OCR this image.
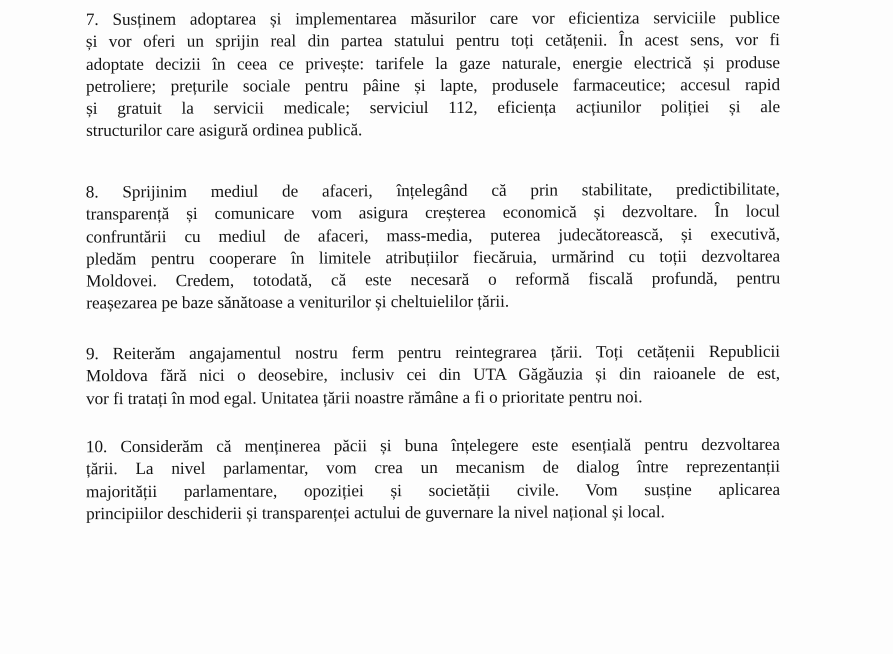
7. Susținem adoptarea și implementarea măsurilor care vor eficientiza serviciile publice
și vor oferi un sprijin real din partea statului pentru toți cetățenii. În acest sens, vor fi
adoptate decizii în ceea ce privește: tarifele la gaze naturale, energie electrică și produse
petroliere; prețurile sociale pentru pâine și lapte, produsele farmaceutice; accesul rapid
și gratuit la servicii medicale; serviciul 112, eficiența acțiunilor poliției și ale
structurilor care asigură ordinea publică.
8. Sprijinim mediul de afaceri, înțelegând că prin stabilitate, predictibilitate,
transparență și comunicare vom asigura creșterea economică și dezvoltare. În locul
confruntării cu mediul de afaceri, mass-media, puterea judecătorească, și executivă,
pledăm pentru cooperare în limitele atribuțiilor fiecăruia, urmărind cu toții dezvoltarea
Moldovei. Credem, totodată, că este necesară o reformă fiscală profundă, pentru
reașezarea pe baze sănătoase a veniturilor și cheltuielilor țării.
9. Reiterăm angajamentul nostru ferm pentru reintegrarea țării. Toți cetățenii Republicii
Moldova fără nici o deosebire, inclusiv cei din UTA Găgăuzia și din raioanele de est,
vor fi tratați în mod egal. Unitatea țării noastre rămâne a fi o prioritate pentru noi.
10. Considerăm că menținerea păcii și buna înțelegere este esențială pentru dezvoltarea
țării. La nivel parlamentar, vom crea un mecanism de dialog între reprezentanții
majorității parlamentare, opoziției și societății civile. Vom susține aplicarea
principiilor deschiderii și transparenței actului de guvernare la nivel național și local.
